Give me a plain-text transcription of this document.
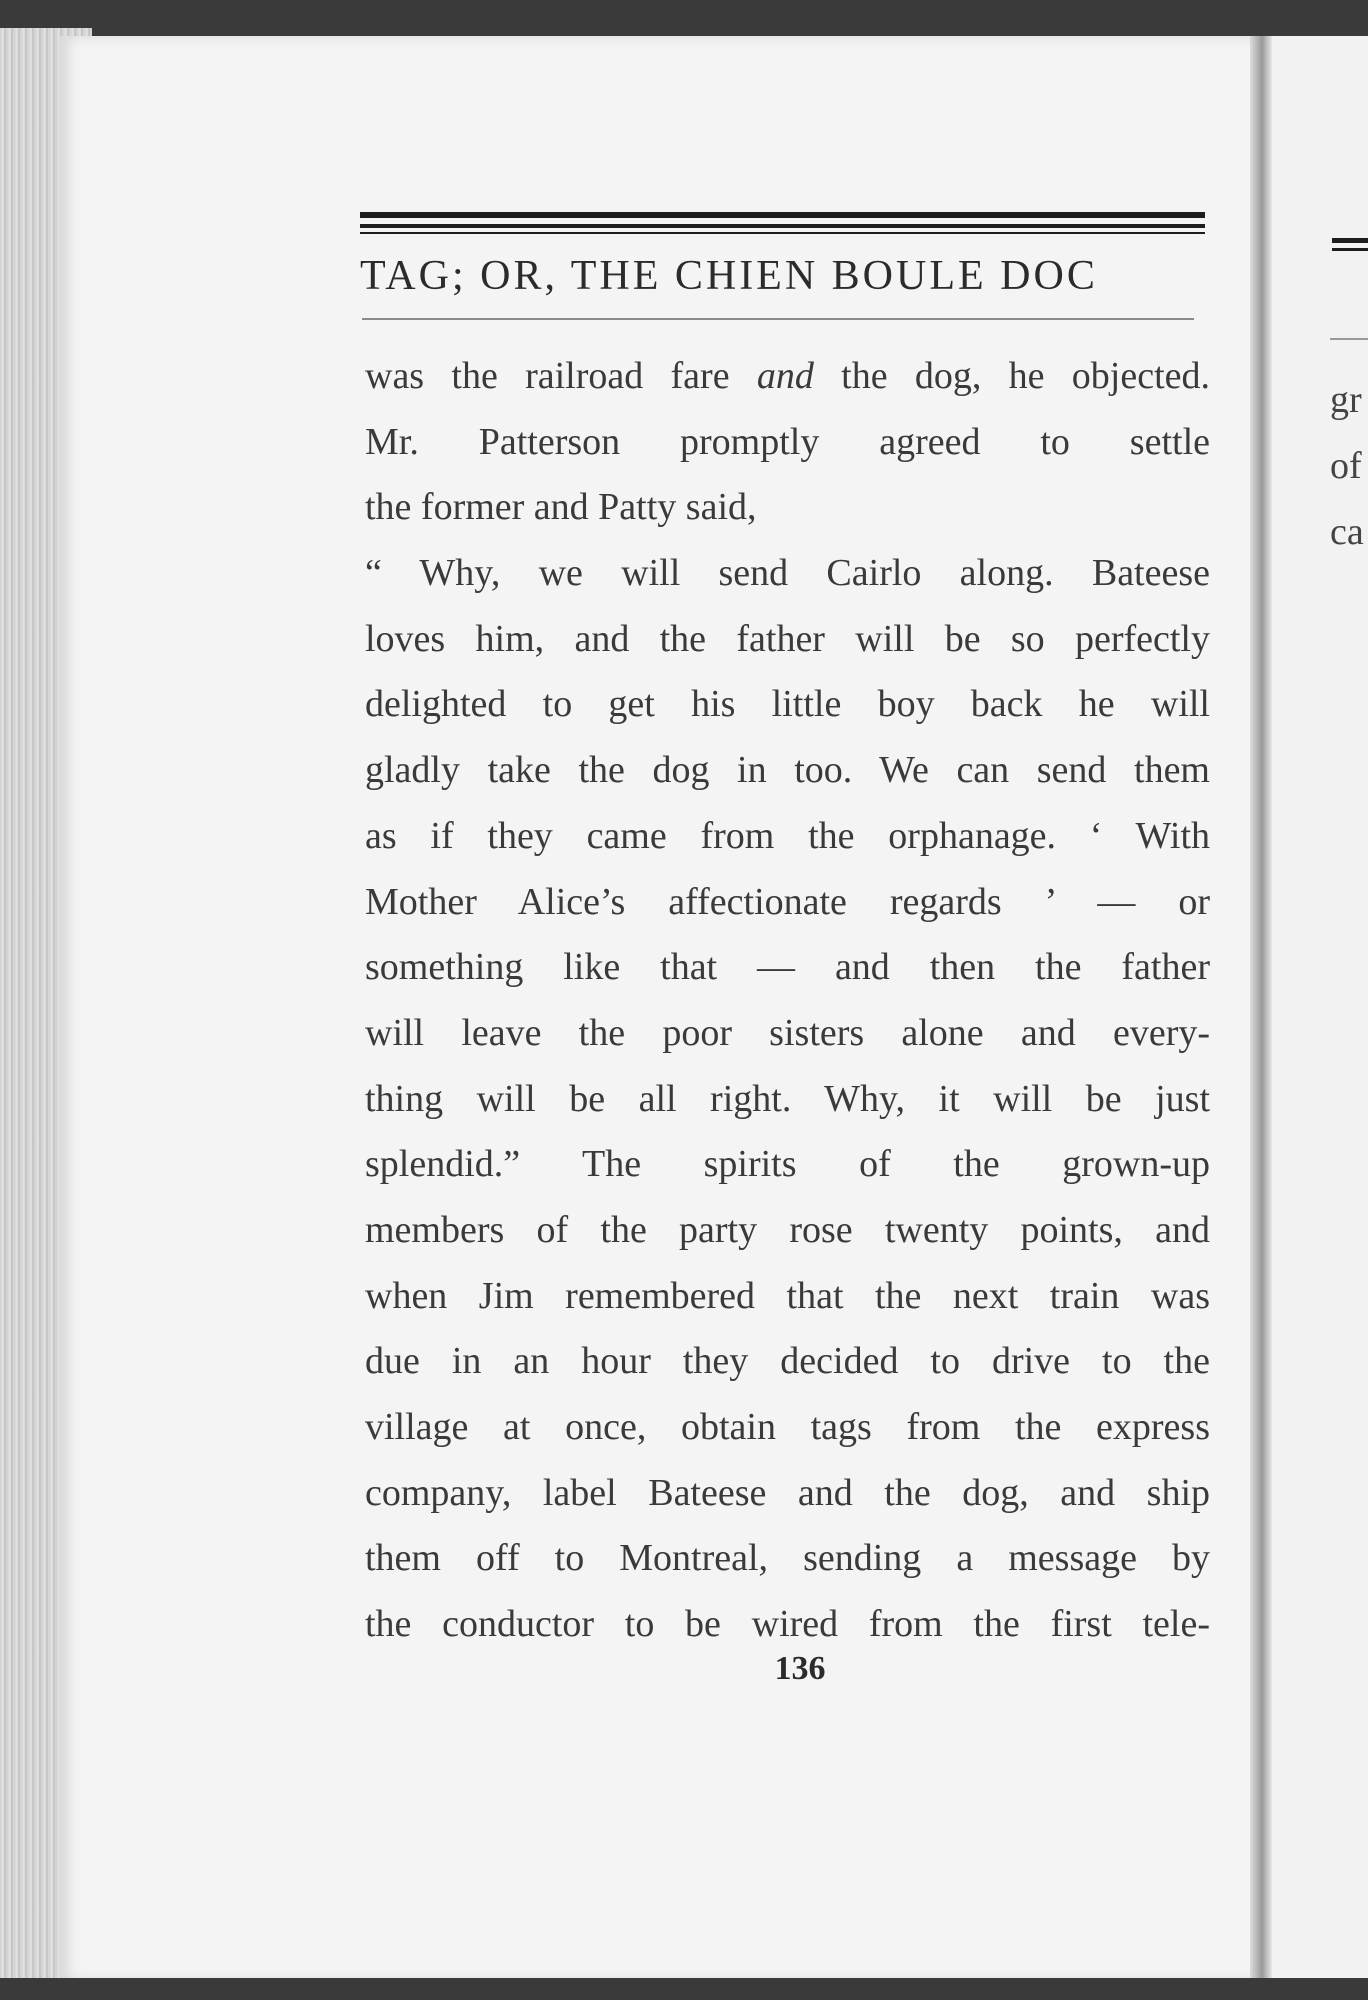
TAG; OR, THE CHIEN BOULE DOC
was the railroad fare and the dog, he objected.
Mr. Patterson promptly agreed to settle
the former and Patty said,
“ Why, we will send Cairlo along. Bateese
loves him, and the father will be so perfectly
delighted to get his little boy back he will
gladly take the dog in too. We can send them
as if they came from the orphanage. ‘ With
Mother Alice’s affectionate regards ’ — or
something like that — and then the father
will leave the poor sisters alone and every-
thing will be all right. Why, it will be just
splendid.” The spirits of the grown-up
members of the party rose twenty points, and
when Jim remembered that the next train was
due in an hour they decided to drive to the
village at once, obtain tags from the express
company, label Bateese and the dog, and ship
them off to Montreal, sending a message by
the conductor to be wired from the first tele-
136
gr
of
ca
